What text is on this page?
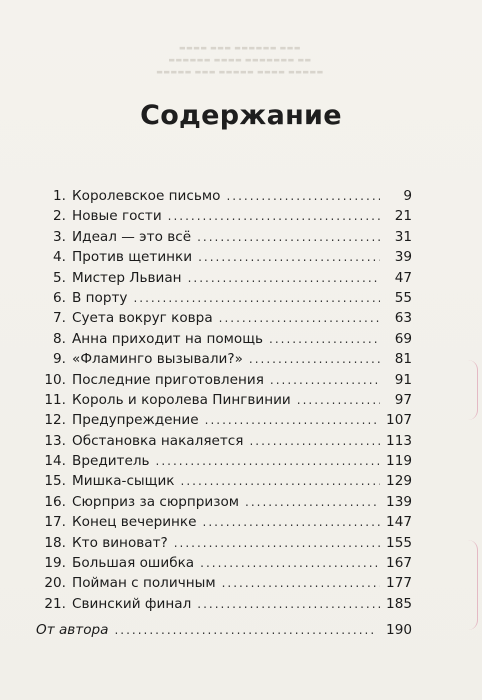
▬▬▬▬ ▬▬▬ ▬▬▬▬▬▬ ▬▬▬
▬▬▬▬▬▬ ▬▬▬▬ ▬▬▬▬▬▬▬ ▬▬
▬▬▬▬▬ ▬▬▬ ▬▬▬▬▬ ▬▬▬▬ ▬▬▬▬▬
Содержание
1. Королевское письмо .....	9
2. Новые гости .....	21
3. Идеал — это всё .....	31
4. Против щетинки .....	39
5. Мистер Львиан .....	47
6. В порту .....	55
7. Суета вокруг ковра .....	63
8. Анна приходит на помощь .....	69
9. «Фламинго вызывали?» .....	81
10. Последние приготовления .....	91
11. Король и королева Пингвинии .....	97
12. Предупреждение .....	107
13. Обстановка накаляется .....	113
14. Вредитель .....	119
15. Мишка-сыщик .....	129
16. Сюрприз за сюрпризом .....	139
17. Конец вечеринке .....	147
18. Кто виноват? .....	155
19. Большая ошибка .....	167
20. Пойман с поличным .....	177
21. Свинский финал .....	185
От автора .....	190
